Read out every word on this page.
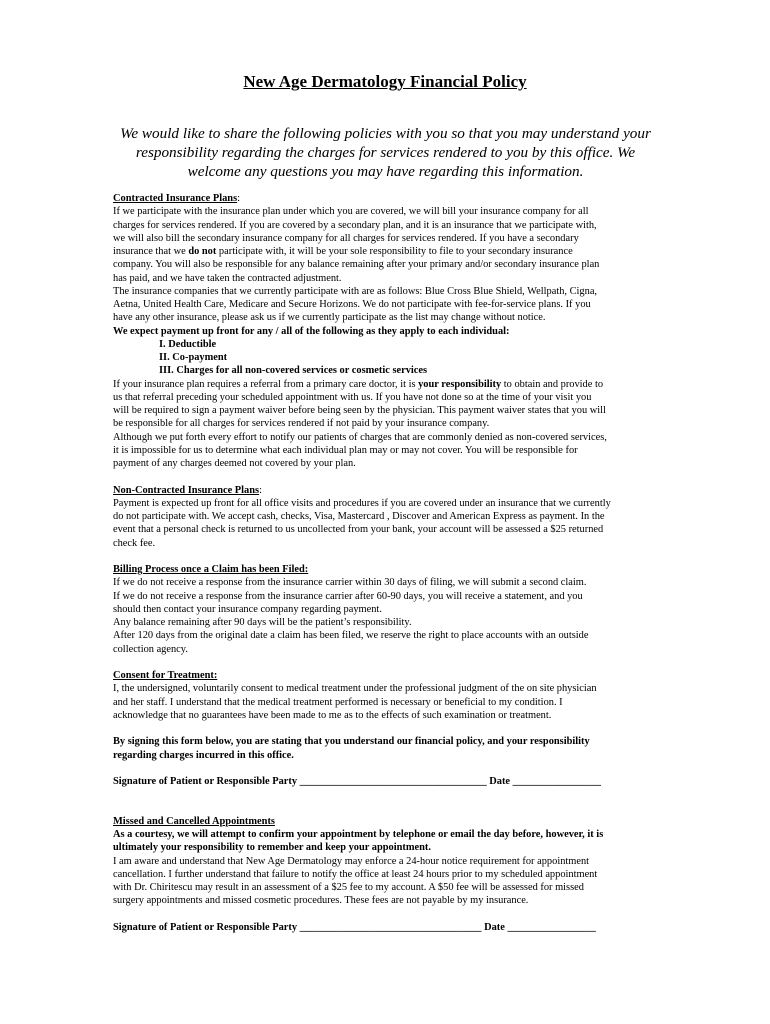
New Age Dermatology Financial Policy
We would like to share the following policies with you so that you may understand your responsibility regarding the charges for services rendered to you by this office. We welcome any questions you may have regarding this information.
Contracted Insurance Plans:
If we participate with the insurance plan under which you are covered, we will bill your insurance company for all
charges for services rendered. If you are covered by a secondary plan, and it is an insurance that we participate with,
we will also bill the secondary insurance company for all charges for services rendered. If you have a secondary
insurance that we do not participate with, it will be your sole responsibility to file to your secondary insurance
company. You will also be responsible for any balance remaining after your primary and/or secondary insurance plan
has paid, and we have taken the contracted adjustment.
The insurance companies that we currently participate with are as follows: Blue Cross Blue Shield, Wellpath, Cigna,
Aetna, United Health Care, Medicare and Secure Horizons. We do not participate with fee-for-service plans. If you
have any other insurance, please ask us if we currently participate as the list may change without notice.
We expect payment up front for any / all of the following as they apply to each individual:
I. Deductible
II. Co-payment
III. Charges for all non-covered services or cosmetic services
If your insurance plan requires a referral from a primary care doctor, it is your responsibility to obtain and provide to
us that referral preceding your scheduled appointment with us. If you have not done so at the time of your visit you
will be required to sign a payment waiver before being seen by the physician. This payment waiver states that you will
be responsible for all charges for services rendered if not paid by your insurance company.
Although we put forth every effort to notify our patients of charges that are commonly denied as non-covered services,
it is impossible for us to determine what each individual plan may or may not cover. You will be responsible for
payment of any charges deemed not covered by your plan.
Non-Contracted Insurance Plans:
Payment is expected up front for all office visits and procedures if you are covered under an insurance that we currently
do not participate with. We accept cash, checks, Visa, Mastercard , Discover and American Express as payment. In the
event that a personal check is returned to us uncollected from your bank, your account will be assessed a $25 returned
check fee.
Billing Process once a Claim has been Filed:
If we do not receive a response from the insurance carrier within 30 days of filing, we will submit a second claim.
If we do not receive a response from the insurance carrier after 60-90 days, you will receive a statement, and you
should then contact your insurance company regarding payment.
Any balance remaining after 90 days will be the patient’s responsibility.
After 120 days from the original date a claim has been filed, we reserve the right to place accounts with an outside
collection agency.
Consent for Treatment:
I, the undersigned, voluntarily consent to medical treatment under the professional judgment of the on site physician
and her staff. I understand that the medical treatment performed is necessary or beneficial to my condition. I
acknowledge that no guarantees have been made to me as to the effects of such examination or treatment.
By signing this form below, you are stating that you understand our financial policy, and your responsibility
regarding charges incurred in this office.
Signature of Patient or Responsible Party ____________________________________ Date _________________
Missed and Cancelled Appointments
As a courtesy, we will attempt to confirm your appointment by telephone or email the day before, however, it is
ultimately your responsibility to remember and keep your appointment.
I am aware and understand that New Age Dermatology may enforce a 24-hour notice requirement for appointment
cancellation. I further understand that failure to notify the office at least 24 hours prior to my scheduled appointment
with Dr. Chiritescu may result in an assessment of a $25 fee to my account. A $50 fee will be assessed for missed
surgery appointments and missed cosmetic procedures. These fees are not payable by my insurance.
Signature of Patient or Responsible Party ___________________________________ Date _________________
